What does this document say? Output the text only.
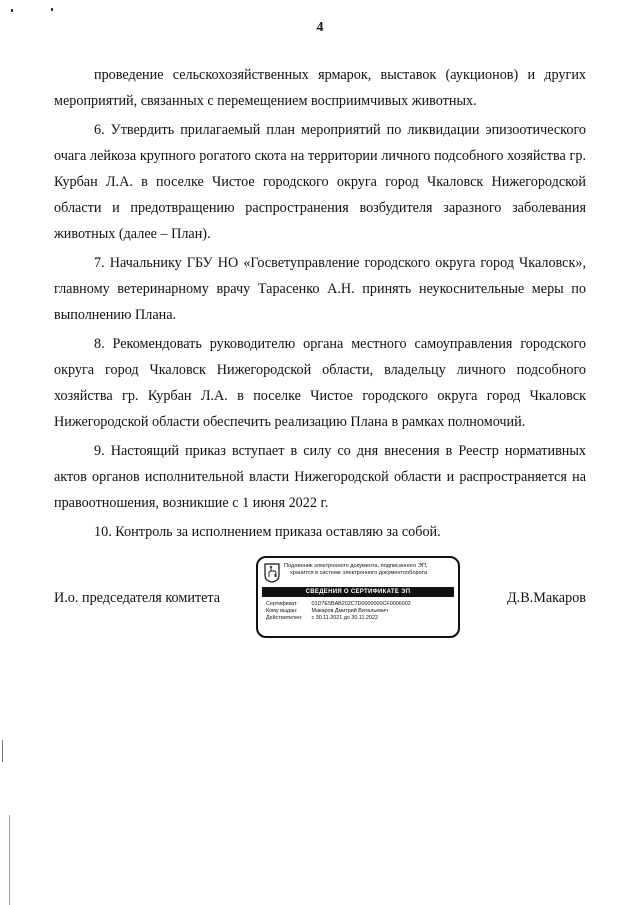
4

проведение сельскохозяйственных ярмарок, выставок (аукционов) и других мероприятий, связанных с перемещением восприимчивых животных.

6. Утвердить прилагаемый план мероприятий по ликвидации эпизоотического очага лейкоза крупного рогатого скота на территории личного подсобного хозяйства гр. Курбан Л.А. в поселке Чистое городского округа город Чкаловск Нижегородской области и предотвращению распространения возбудителя заразного заболевания животных (далее – План).

7. Начальнику ГБУ НО «Госветуправление городского округа город Чкаловск», главному ветеринарному врачу Тарасенко А.Н. принять неукоснительные меры по выполнению Плана.

8. Рекомендовать руководителю органа местного самоуправления городского округа город Чкаловск Нижегородской области, владельцу личного подсобного хозяйства гр. Курбан Л.А. в поселке Чистое городского округа город Чкаловск Нижегородской области обеспечить реализацию Плана в рамках полномочий.

9. Настоящий приказ вступает в силу со дня внесения в Реестр нормативных актов органов исполнительной власти Нижегородской области и распространяется на правоотношения, возникшие с 1 июня 2022 г.

10. Контроль за исполнением приказа оставляю за собой.

И.о. председателя комитета	Д.В.Макаров
Подлинник электронного документа, подписанного ЭП,
хранится в системе электронного документооборота
СВЕДЕНИЯ О СЕРТИФИКАТЕ ЭП
Сертификат: 01D7E5BAB202C7D0000000CF0006002
Кому выдан:	Макаров Дмитрий Витальевич
Действителен: с 30.11.2021 до 30.11.2022
